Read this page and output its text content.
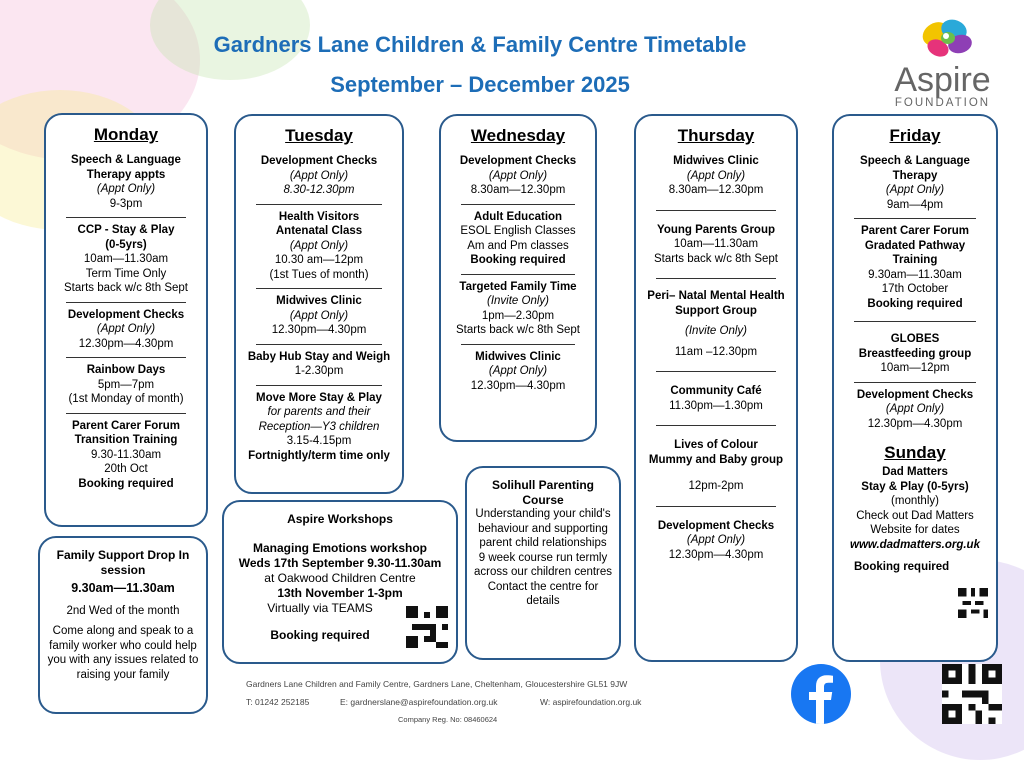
Gardners Lane Children & Family Centre Timetable
September – December 2025	Aspire
FOUNDATION
Monday
Speech & Language
Therapy appts
(Appt Only)
9-3pm
CCP - Stay & Play
(0-5yrs)
10am—11.30am
Term Time Only
Starts back w/c 8th Sept
Development Checks
(Appt Only)
12.30pm—4.30pm
Rainbow Days
5pm—7pm
(1st Monday of month)
Parent Carer Forum
Transition Training
9.30-11.30am
20th Oct
Booking required
Family Support Drop In session
9.30am—11.30am
2nd Wed of the month
Come along and speak to a family worker who could help you with any issues related to raising your family
Tuesday
Development Checks
(Appt Only)
8.30-12.30pm
Health Visitors
Antenatal Class
(Appt Only)
10.30 am—12pm
(1st Tues of month)
Midwives Clinic
(Appt Only)
12.30pm—4.30pm
Baby Hub Stay and Weigh
1-2.30pm
Move More Stay & Play
for parents and their
Reception—Y3 children
3.15-4.15pm
Fortnightly/term time only
Aspire Workshops
Managing Emotions workshop
Weds 17th September 9.30-11.30am
at Oakwood Children Centre
13th November 1-3pm
Virtually via TEAMS
Booking required
Wednesday
Development Checks
(Appt Only)
8.30am—12.30pm
Adult Education
ESOL English Classes
Am and Pm classes
Booking required
Targeted Family Time
(Invite Only)
1pm—2.30pm
Starts back w/c 8th Sept
Midwives Clinic
(Appt Only)
12.30pm—4.30pm
Solihull Parenting Course
Understanding your child's behaviour and supporting parent child relationships
9 week course run termly across our children centres
Contact the centre for details
Thursday
Midwives Clinic
(Appt Only)
8.30am—12.30pm
Young Parents Group
10am—11.30am
Starts back w/c 8th Sept
Peri– Natal Mental Health
Support Group
(Invite Only)
11am –12.30pm
Community Café
11.30pm—1.30pm
Lives of Colour
Mummy and Baby group
12pm-2pm
Development Checks
(Appt Only)
12.30pm—4.30pm
Friday
Speech & Language
Therapy
(Appt Only)
9am—4pm
Parent Carer Forum
Gradated Pathway
Training
9.30am—11.30am
17th October
Booking required
GLOBES
Breastfeeding group
10am—12pm
Development Checks
(Appt Only)
12.30pm—4.30pm
Sunday
Dad Matters
Stay & Play (0-5yrs)
(monthly)
Check out Dad Matters
Website for dates
www.dadmatters.org.uk
Booking required
Gardners Lane Children and Family Centre, Gardners Lane, Cheltenham, Gloucestershire GL51 9JW
T: 01242 252185	E: gardnerslane@aspirefoundation.org.uk	W: aspirefoundation.org.uk
Company Reg. No: 08460624
